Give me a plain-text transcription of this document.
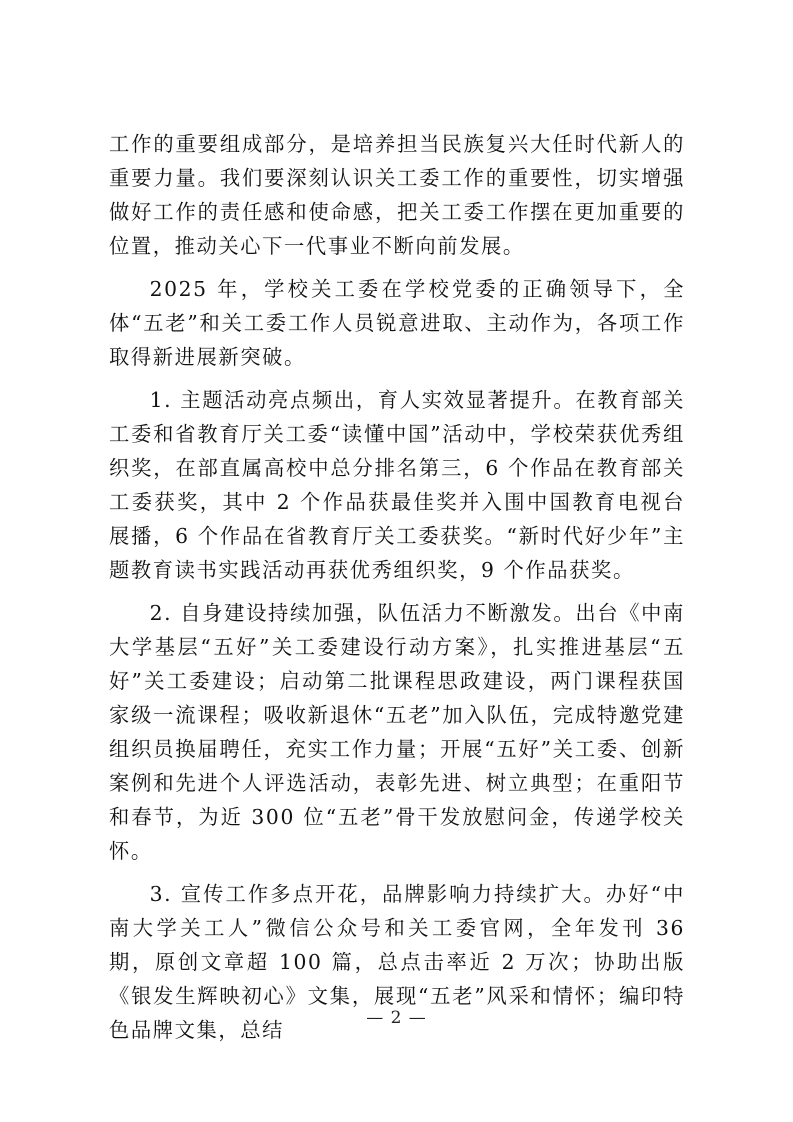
工作的重要组成部分，是培养担当民族复兴大任时代新人的重要力量。我们要深刻认识关工委工作的重要性，切实增强做好工作的责任感和使命感，把关工委工作摆在更加重要的位置，推动关心下一代事业不断向前发展。

2025 年，学校关工委在学校党委的正确领导下，全体“五老”和关工委工作人员锐意进取、主动作为，各项工作取得新进展新突破。

1. 主题活动亮点频出，育人实效显著提升。在教育部关工委和省教育厅关工委“读懂中国”活动中，学校荣获优秀组织奖，在部直属高校中总分排名第三，6 个作品在教育部关工委获奖，其中 2 个作品获最佳奖并入围中国教育电视台展播，6 个作品在省教育厅关工委获奖。“新时代好少年”主题教育读书实践活动再获优秀组织奖，9 个作品获奖。

2. 自身建设持续加强，队伍活力不断激发。出台《中南大学基层“五好”关工委建设行动方案》，扎实推进基层“五好”关工委建设；启动第二批课程思政建设，两门课程获国家级一流课程；吸收新退休“五老”加入队伍，完成特邀党建组织员换届聘任，充实工作力量；开展“五好”关工委、创新案例和先进个人评选活动，表彰先进、树立典型；在重阳节和春节，为近 300 位“五老”骨干发放慰问金，传递学校关怀。

3. 宣传工作多点开花，品牌影响力持续扩大。办好“中南大学关工人”微信公众号和关工委官网，全年发刊 36 期，原创文章超 100 篇，总点击率近 2 万次；协助出版《银发生辉映初心》文集，展现“五老”风采和情怀；编印特色品牌文集，总结	— 2 —
